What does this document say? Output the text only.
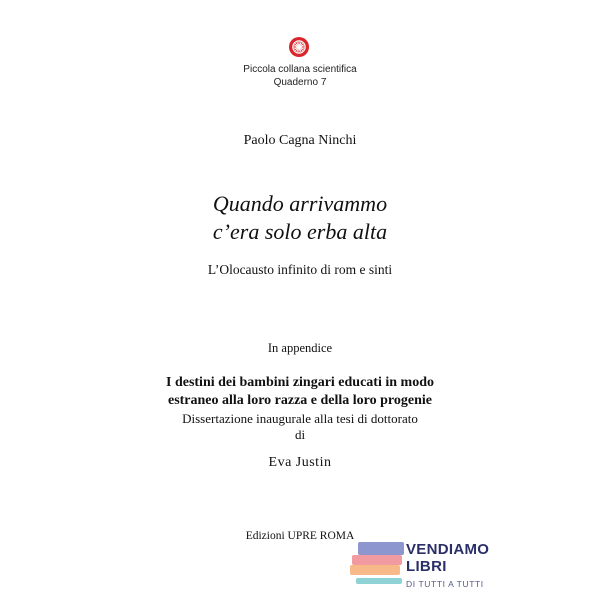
Piccola collana scientifica
Quaderno 7
Paolo Cagna Ninchi
Quando arrivammo
c’era solo erba alta
L’Olocausto infinito di rom e sinti
In appendice
I destini dei bambini zingari educati in modo
estraneo alla loro razza e della loro progenie
Dissertazione inaugurale alla tesi di dottorato
di
Eva Justin
Edizioni UPRE ROMA
VENDIAMO
LIBRI
DI TUTTI A TUTTI
